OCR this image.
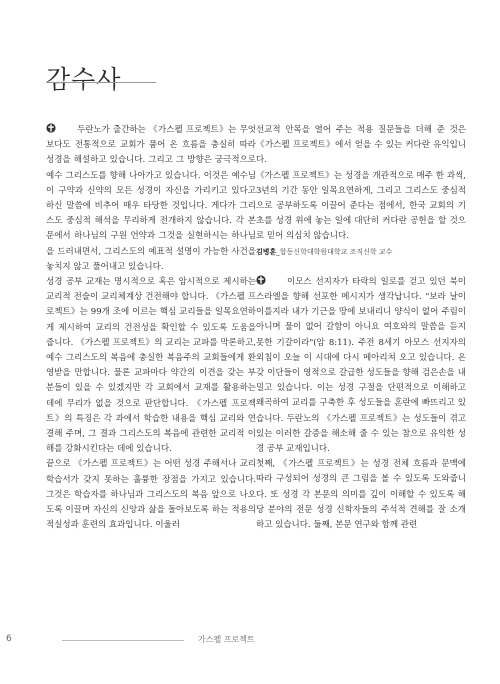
감수사

두란노가 출간하는 《가스펠 프로젝트》는 무엇보다도 전통적으로 교회가 품어 온 흐름을 충실히 따라 성경을 해설하고 있습니다. 그리고 그 방향은 궁극적으로 예수 그리스도를 향해 나아가고 있습니다. 이것은 예수님이 구약과 신약의 모든 성경이 자신을 가리키고 있다고 하신 말씀에 비추어 매우 타당한 것입니다. 게다가 그리스도 중심적 해석을 무리하게 전개하지 않습니다. 각 본문에서 하나님의 구원 언약과 그것을 실현하시는 하나님을 드러내면서, 그리스도의 예표적 설명이 가능한 사건을 놓치지 않고 풀어내고 있습니다.

성경 공부 교재는 명시적으로 혹은 암시적으로 제시하는 교리적 전술이 교리체계상 건전해야 합니다. 《가스펠 프로젝트》는 99개 조에 이르는 핵심 교리들을 일목요연하게 제시하여 교리의 건전성을 확인할 수 있도록 도움을 줍니다. 《가스펠 프로젝트》의 교리는 교파를 막론하고, 예수 그리스도의 복음에 충실한 복음주의 교회들에게 환영받을 만합니다. 물론 교파마다 약간의 이견을 갖는 부분들이 있을 수 있겠지만 각 교회에서 교재를 활용하는 데에 무리가 없을 것으로 판단합니다. 《가스펠 프로젝트》의 특징은 각 과에서 학습한 내용을 핵심 교리와 연결해 주며, 그 결과 그리스도의 복음에 관련한 교리적 이해를 강화시킨다는 데에 있습니다.

끝으로 《가스펠 프로젝트》는 어떤 성경 주해서나 교리 학습서가 갖지 못하는 훌륭한 장점을 가지고 있습니다. 그것은 학습자를 하나님과 그리스도의 복음 앞으로 나오도록 이끌며 자신의 신앙과 삶을 돌아보도록 하는 적용의 적실성과 훈련의 효과입니다. 이울러

선교적 안목을 열어 주는 적용 질문들을 더해 준 것은 《가스펠 프로젝트》에서 얻을 수 있는 커다란 유익입니다.

《가스펠 프로젝트》는 성경을 개관적으로 매주 한 과씩, 3년의 기간 동안 일목요연하게, 그리고 그리스도 중심적으로 공부하도록 이끌어 준다는 점에서, 한국 교회의 기초를 성경 위에 놓는 일에 대단히 커다란 공헌을 할 것으로 믿어 의심치 않습니다.

김병훈_합동신학대학원대학교 조직신학 교수

이모스 선지자가 타락의 일로를 걷고 있던 북이스라엘을 향해 선포한 메시지가 생각납니다. "보라 날이 이를지라 내가 기근을 땅에 보내리니 양식이 없어 주림이 아니며 물이 없어 갈함이 아니요 여호와의 말씀을 듣지 못한 기갈이라"(암 8:11). 주전 8세기 아모스 선지자의 외침이 오늘 이 시대에 다시 메아리쳐 오고 있습니다. 온갖 이단들이 영적으로 갈급한 성도들을 향해 검은손을 내밀고 있습니다. 이는 성경 구절을 단편적으로 이해하고 왜곡하여 교리를 구축한 후 성도들을 혼란에 빠뜨리고 있습니다. 두란노의 《가스펠 프로젝트》는 성도들이 겪고 있는 이러한 갈증을 해소해 줄 수 있는 참으로 유익한 성경 공부 교재입니다.

첫째, 《가스펠 프로젝트》는 성경 전체 흐름과 문맥에 따라 구성되어 성경의 큰 그림을 볼 수 있도록 도와줍니다. 또 성경 각 본문의 의미를 깊이 이해할 수 있도록 해당 분야의 전문 성경 신학자들의 주석적 견해를 잘 소개하고 있습니다. 둘째, 본문 연구와 함께 관련

6	가스펠 프로젝트
